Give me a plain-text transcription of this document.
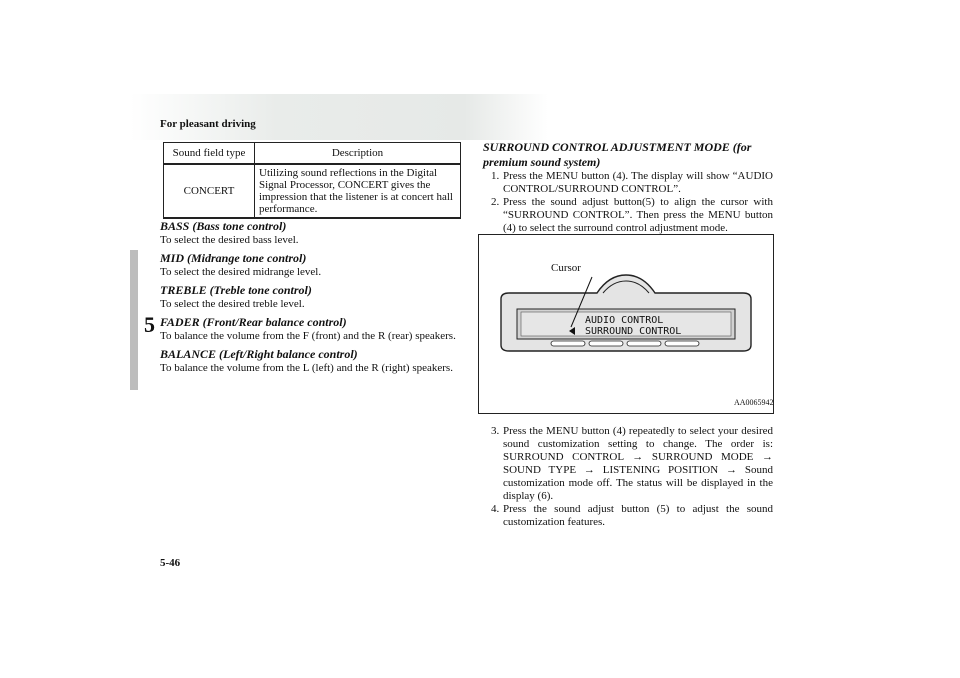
For pleasant driving
5
Sound field type	Description
CONCERT	Utilizing sound reflections in the Digital Signal Processor, CONCERT gives the impression that the listener is at concert hall performance.
BASS (Bass tone control)

To select the desired bass level.

MID (Midrange tone control)

To select the desired midrange level.

TREBLE (Treble tone control)

To select the desired treble level.

FADER (Front/Rear balance control)

To balance the volume from the F (front) and the R (rear) speakers.

BALANCE (Left/Right balance control)

To balance the volume from the L (left) and the R (right) speakers.

SURROUND CONTROL ADJUSTMENT MODE (for premium sound system)
1. Press the MENU button (4). The display will show “AUDIO CONTROL/SURROUND CONTROL”.
2. Press the sound adjust button(5) to align the cursor with “SURROUND CONTROL”. Then press the MENU button (4) to select the surround control adjustment mode.
AUDIO CONTROL
SURROUND CONTROL
Cursor
AA0065942
3. Press the MENU button (4) repeatedly to select your desired sound customization setting to change. The order is: SURROUND CONTROL → SURROUND MODE → SOUND TYPE → LISTENING POSITION → Sound customization mode off. The status will be displayed in the display (6).
4. Press the sound adjust button (5) to adjust the sound customization features.
5-46
